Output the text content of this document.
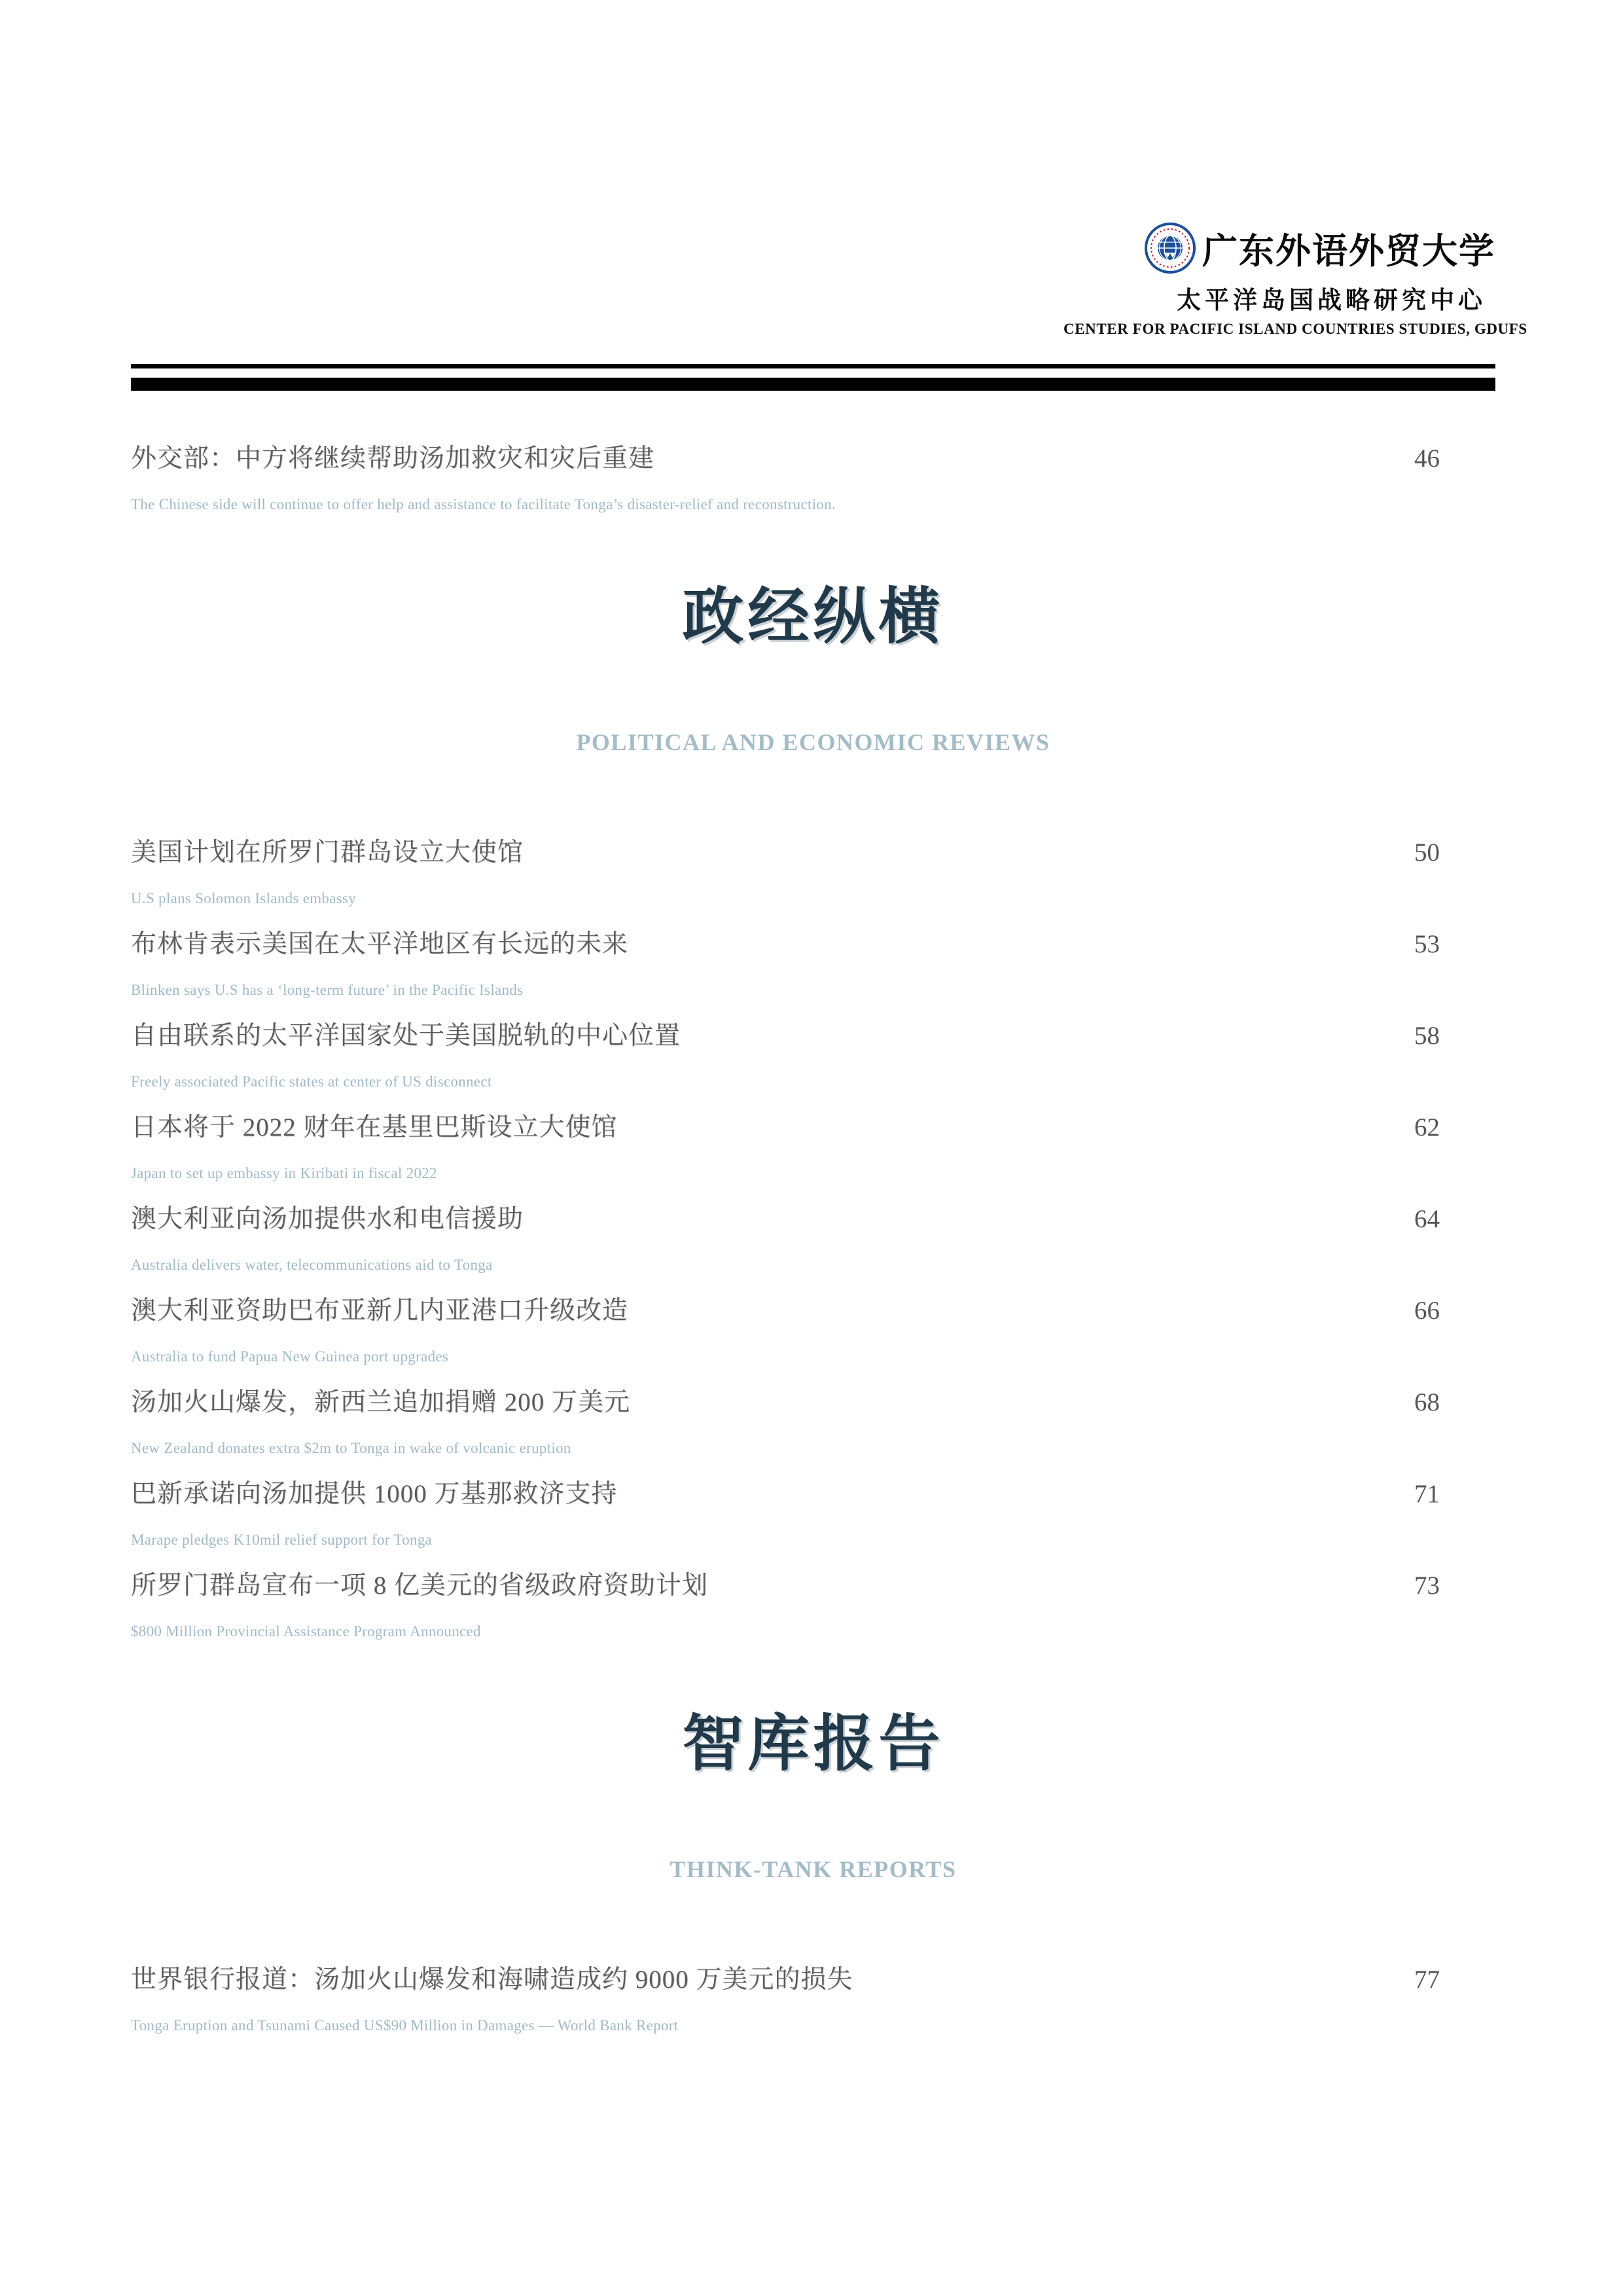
广东外语外贸大学
太平洋岛国战略研究中心
CENTER FOR PACIFIC ISLAND COUNTRIES STUDIES, GDUFS
外交部：中方将继续帮助汤加救灾和灾后重建	46
The Chinese side will continue to offer help and assistance to facilitate Tonga’s disaster-relief and reconstruction.
政经纵横
POLITICAL AND ECONOMIC REVIEWS
美国计划在所罗门群岛设立大使馆	50
U.S plans Solomon Islands embassy
布林肯表示美国在太平洋地区有长远的未来	53
Blinken says U.S has a ‘long-term future’ in the Pacific Islands
自由联系的太平洋国家处于美国脱轨的中心位置	58
Freely associated Pacific states at center of US disconnect
日本将于 2022 财年在基里巴斯设立大使馆	62
Japan to set up embassy in Kiribati in fiscal 2022
澳大利亚向汤加提供水和电信援助	64
Australia delivers water, telecommunications aid to Tonga
澳大利亚资助巴布亚新几内亚港口升级改造	66
Australia to fund Papua New Guinea port upgrades
汤加火山爆发，新西兰追加捐赠 200 万美元	68
New Zealand donates extra $2m to Tonga in wake of volcanic eruption
巴新承诺向汤加提供 1000 万基那救济支持	71
Marape pledges K10mil relief support for Tonga
所罗门群岛宣布一项 8 亿美元的省级政府资助计划	73
$800 Million Provincial Assistance Program Announced
智库报告
THINK-TANK REPORTS
世界银行报道：汤加火山爆发和海啸造成约 9000 万美元的损失	77
Tonga Eruption and Tsunami Caused US$90 Million in Damages — World Bank Report
